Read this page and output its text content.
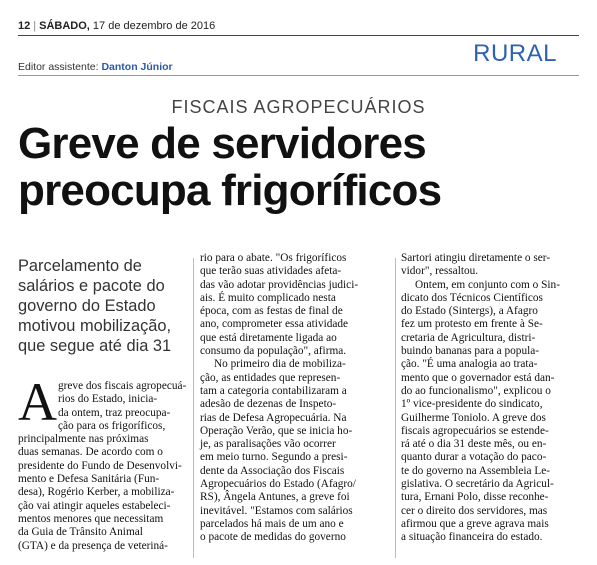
12 | SÁBADO, 17 de dezembro de 2016
RURAL
Editor assistente: Danton Júnior
FISCAIS AGROPECUÁRIOS
Greve de servidores
preocupa frigoríficos
Parcelamento de salários e pacote do governo do Estado motivou mobilização, que segue até dia 31
A greve dos fiscais agropecuá-
rios do Estado, inicia-
da ontem, traz preocupa-
ção para os frigoríficos,
principalmente nas próximas
duas semanas. De acordo com o
presidente do Fundo de Desenvolvi-
mento e Defesa Sanitária (Fun-
desa), Rogério Kerber, a mobiliza-
ção vai atingir aqueles estabeleci-
mentos menores que necessitam
da Guia de Trânsito Animal
(GTA) e da presença de veteriná-
rio para o abate. "Os frigoríficos
que terão suas atividades afeta-
das vão adotar providências judici-
ais. É muito complicado nesta
época, com as festas de final de
ano, comprometer essa atividade
que está diretamente ligada ao
consumo da população", afirma.
No primeiro dia de mobiliza-
ção, as entidades que represen-
tam a categoria contabilizaram a
adesão de dezenas de Inspeto-
rias de Defesa Agropecuária. Na
Operação Verão, que se inicia ho-
je, as paralisações vão ocorrer
em meio turno. Segundo a presi-
dente da Associação dos Fiscais
Agropecuários do Estado (Afagro/
RS), Ângela Antunes, a greve foi
inevitável. "Estamos com salários
parcelados há mais de um ano e
o pacote de medidas do governo
Sartori atingiu diretamente o ser-
vidor", ressaltou.
Ontem, em conjunto com o Sin-
dicato dos Técnicos Científicos
do Estado (Sintergs), a Afagro
fez um protesto em frente à Se-
cretaria de Agricultura, distri-
buindo bananas para a popula-
ção. "É uma analogia ao trata-
mento que o governador está dan-
do ao funcionalismo", explicou o
1º vice-presidente do sindicato,
Guilherme Toniolo. A greve dos
fiscais agropecuários se estende-
rá até o dia 31 deste mês, ou en-
quanto durar a votação do paco-
te do governo na Assembleia Le-
gislativa. O secretário da Agricul-
tura, Ernani Polo, disse reconhe-
cer o direito dos servidores, mas
afirmou que a greve agrava mais
a situação financeira do estado.
